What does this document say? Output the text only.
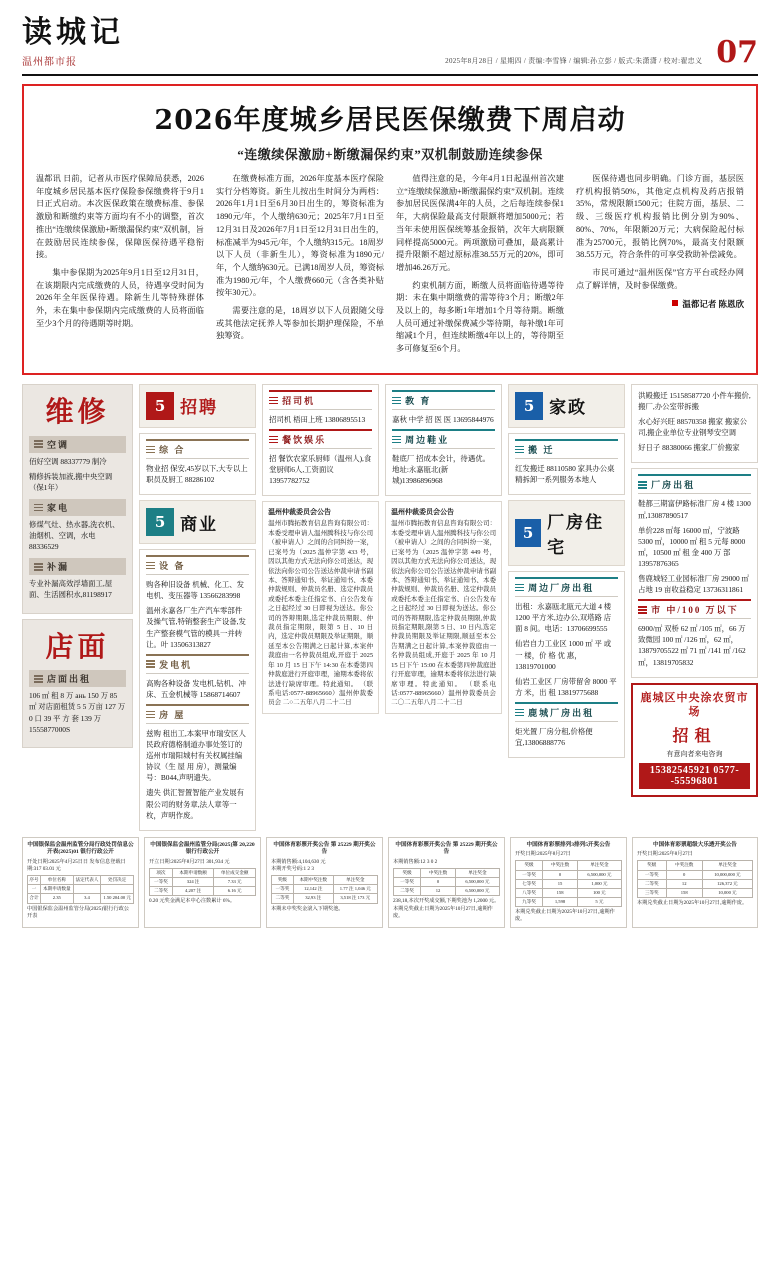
读城记
温州都市报	2025年8月28日 / 星期四 / 责编:李雪锋 / 编辑:孙立彭 / 版式:朱潇潇 / 校对:翟忠义 07
2026年度城乡居民医保缴费下周启动
“连缴续保激励+断缴漏保约束”双机制鼓励连续参保

温都讯 日前，记者从市医疗保障局获悉，2026年度城乡居民基本医疗保险参保缴费将于9月1日正式启动。本次医保政策在缴费标准、参保激励和断缴约束等方面均有不小的调整，首次推出“连缴续保激励+断缴漏保约束”双机制，旨在鼓励居民连续参保，保障医保待遇平稳衔接。

集中参保期为2025年9月1日至12月31日，在该期限内完成缴费的人员，待遇享受时间为2026年全年医保待遇。除新生儿等特殊群体外，未在集中参保期内完成缴费的人员将面临至少3个月的待遇期等时期。

在缴费标准方面，2026年度基本医疗保险实行分档筹资。新生儿按出生时间分为两档：2026年1月1日至6月30日出生的，筹资标准为1890元/年，个人缴纳630元；2025年7月1日至12月31日及2026年7月1日至12月31日出生的，标准减半为945元/年，个人缴纳315元。18周岁以下人员（非新生儿），筹资标准为1890元/年，个人缴纳630元。已满18周岁人员，筹资标准为1980元/年，个人缴费660元（含各类补贴按年30元）。

需要注意的是，18周岁以下人员跟随父母或其他法定抚养人等参加长期护理保险，不单独筹资。

值得注意的是，今年4月1日起温州首次建立“连缴续保激励+断缴漏保约束”双机制。连续参加居民医保满4年的人员，之后每连续参保1年，大病保险最高支付限额将增加5000元；若当年未使用医保统筹基金报销，次年大病限额同样提高5000元。两项激励可叠加，最高累计提升限额不超过原标准38.55万元的20%，即可增加46.26万元。

约束机制方面，断缴人员将面临待遇等待期：未在集中期缴费的需等待3个月；断缴2年及以上的，每多断1年增加1个月等待期。断缴人员可通过补缴保费减少等待期，每补缴1年可缩减1个月，但连续断缴4年以上的，等待期至多可修复至6个月。

医保待遇也同步明确。门诊方面，基层医疗机构报销50%，其他定点机构及药店报销35%，常规限额1500元；住院方面，基层、二级、三级医疗机构报销比例分别为90%、80%、70%，年限额20万元；大病保险起付标准为25700元，报销比例70%，最高支付限额38.55万元，符合条件的可享受救助补偿减免。

市民可通过“温州医保”官方平台或经办网点了解详情，及时参保缴费。

温都记者 陈恩欣
维修
空调
佰好空调 88337779 制冷
精修拆装加液,搬中央空调（保1年）
家电
修煤气灶、热水器,洗衣机、油烟机、空调，水电 88336529
补漏
专业补漏高效浮墙面工,屋面、生活圆积水,81198917
店面
店面出租
106 ㎡ 租 8 万 ань 150 万 85 ㎡ 对店面租赁 5 5 万亩 127 万 0 口 39 平 方 套 139 万 1555877000S
5 招聘
综 合
物业招 保安,45岁以下,大专以上职员及厨工 88286102
5 商业
设 备
购各种旧设备 机械、化工、发电机、变压器等 13566283998
温州永嘉各厂生产汽车零部件及操气管,特销整套生产设备,发生产整套模气管的模具一并转让。叶 13506313827
发电机
高购各种设备 发电机,钻机、冲床、五金机械等 15868714607
房 屋
兹购 租出工,本案甲市瑞安区人民政府德格制道办事处签订的巡州市瑞阳城村有关权属挂编协议（生 屋 用 房），测量编号：B044,声明遗失。
遗失 供汇智置智能产业发展有限公司的财务章,法人章等一枚，声明作废。
招司机
招司机 梧田上班 13806895513
餐饮娱乐
招 餐饮农家乐厨师（温州人),食堂厨师6人,工资面议 13957782752
温州仲裁委员会公告
温州市腾拓教育信息咨询有限公司：本委受理申请人温州腾科技与你公司（被申请人）之间的合同纠纷一案，已案号为（2025 温仲字第 433 号，因以其他方式无法向你公司送达，现依法向你公司公告送达仲裁申请书副本、答辩通知书、举证通知书、本委仲裁规则、仲裁员名册、选定仲裁员或委托本委主任指定书、自公告发布之日起经过 30 日即视为送达。你公司的答辩期限,选定仲裁员期限、仲裁员指定期限，限第 5 日、10 日内，选定仲裁员期限及举证期限，顺延至本公告期满之日起计算,本案仲裁庭由一名仲裁员组成,开庭于 2025 年 10 月 15 日下午 14:30 在本委第四仲裁庭进行开庭审理，逾期本委将依法进行缺席审理。特此通知。 （联系电话:0577-88965660）温州仲裁委员会 二○二五年八月二十二日
教 育
嘉秋 中学 招 医 医 13695844976
周边鞋业
鞋底厂 招成本会计，待遇优。地址:永嘉瓯北(新城)13986896968
温州仲裁委员会公告
温州市腾拓教育信息咨询有限公司：本委受理申请人温州腾科技与你公司（被申请人）之间的合同纠纷一案，已案号为（2025 温仲字第 449 号，因以其他方式无法向你公司送达，现依法向你公司公告送达仲裁申请书副本、答辩通知书、举证通知书、本委仲裁规则、仲裁员名册、选定仲裁员或委托本委主任指定书、自公告发布之日起经过 30 日即视为送达。你公司的答辩期限,选定仲裁员期限,仲裁员指定期限,限第 5 日、10 日内,选定仲裁员期限及举证期限,顺延至本公告期满之日起计算,本案仲裁庭由一名仲裁员组成,开庭于 2025 年 10 月 15 日下午 15:00 在本委第四仲裁庭进行开庭审理，逾期本委将依法进行缺席审理。特此通知。 （联系电话:0577-88965660）温州仲裁委员会 二〇二五年八月二十二日
5 家政
搬 迁
红发搬迁 88110580 家具办公桌精拆卸一系列服务本地人
5 厂房住宅
周边厂房出租
出租：永嘉瓯北瓯元大道 4 楼 1200 平方米,边办公,双塔路 店面 8 间。电话：13706699555
仙岩自力工业区 1000 ㎡ 平 或 一 楼，价 格 优 惠，13819701000
仙岩工业区 厂房带留舍 8000 平 方 米，出 租 13819775688
鹿城厂房出租
炬光置 厂房分租,价格便宜,13806888776
洪殿搬迁 15158587720 小件车搬价,搬厂,办公室带拆搬
水心好兴旺 88570358 搬家 搬家公司,搬企业单位专业钢琴安空调
好日子 88380066 搬家,厂价搬家
厂房出租
鞋都三期富伊路标准厂房 4 楼 1300 ㎡,13087890517
单价228 ㎡每 16000 ㎡，宁波路 5300 ㎡，10000 ㎡ 租 5 元每 8000 ㎡，10500 ㎡ 租 金 400 万 部 13957876365
售鹿城轻工业园标准厂房 29000 ㎡占地 19 亩收益稳定 13736311861
市 中/100 万以下
6900/㎡ 双桥 62 ㎡ /105 ㎡，66 万致微园 100 ㎡ /126 ㎡，62 ㎡，13879705522 ㎡ 71 ㎡ /141 ㎡ /162 ㎡，13819705832
鹿城区中央涂农贸市场
招租
有意向者来电咨询
15382545921 0577--55596801
中国银保监会温州监管分局行政处罚信息公开表(2025)01 银行行政公开
开处日期:2025年4月25日日 发布信息登载日期:317 03.01 元
序号	单位名称	法定代表人	处罚决定
一	本期申请数量		
合计	2.35	3.4	1.50 204.00 元
中国银保监会温州监管分局(2025)银行行政公开表
中国银保监会温州监管分局(2025)第 20,220 银行行政公开
开立日期:2025年8月27日 301,934 元
项次	本期申请数额	单位成交金额
一等奖	324 注	7.33 元
二等奖	4,207 注	6.16 元
0.20 元奖金满足本中心注数累计 6%。
中国体育彩票开奖公告 第 25229 期开奖公告
本期销售额:4,104,630 元
本期开奖号码:1 2 3
奖级	本期中奖注数	单注奖金
一等奖	12,142 注	1.77 注 1,046 元
二等奖	32,93 注	3,518 注 173 元
本期未中奖奖金滚入下期奖池。
中国体育彩票开奖公告 第 25229 期开奖公告
本期销售额:12 3 0 2
奖级	中奖注数	单注奖金
一等奖	0	6,500,000 元
二等奖	12	6,500,000 元
238,18,本次开奖成交额,下期奖池为 1,2000 元。本期兑奖截止日期为2025年10月27日,逾期作废。
中国体育彩票排列3排列5开奖公告
开奖日期:2025年8月27日
奖级	中奖注数	单注奖金
一等奖	0	6,500,000 元
七等奖	15	1,000 元
八等奖	158	100 元
九等奖	1,598	5 元
本期兑奖截止日期为2025年10月27日,逾期作废。
中国体育彩票超级大乐透开奖公告
开奖日期:2025年8月27日
奖级	中奖注数	单注奖金
一等奖	0	10,000,000 元
二等奖	12	126,372 元
三等奖	158	10,000 元
本期兑奖截止日期为2025年10月27日,逾期作废。
